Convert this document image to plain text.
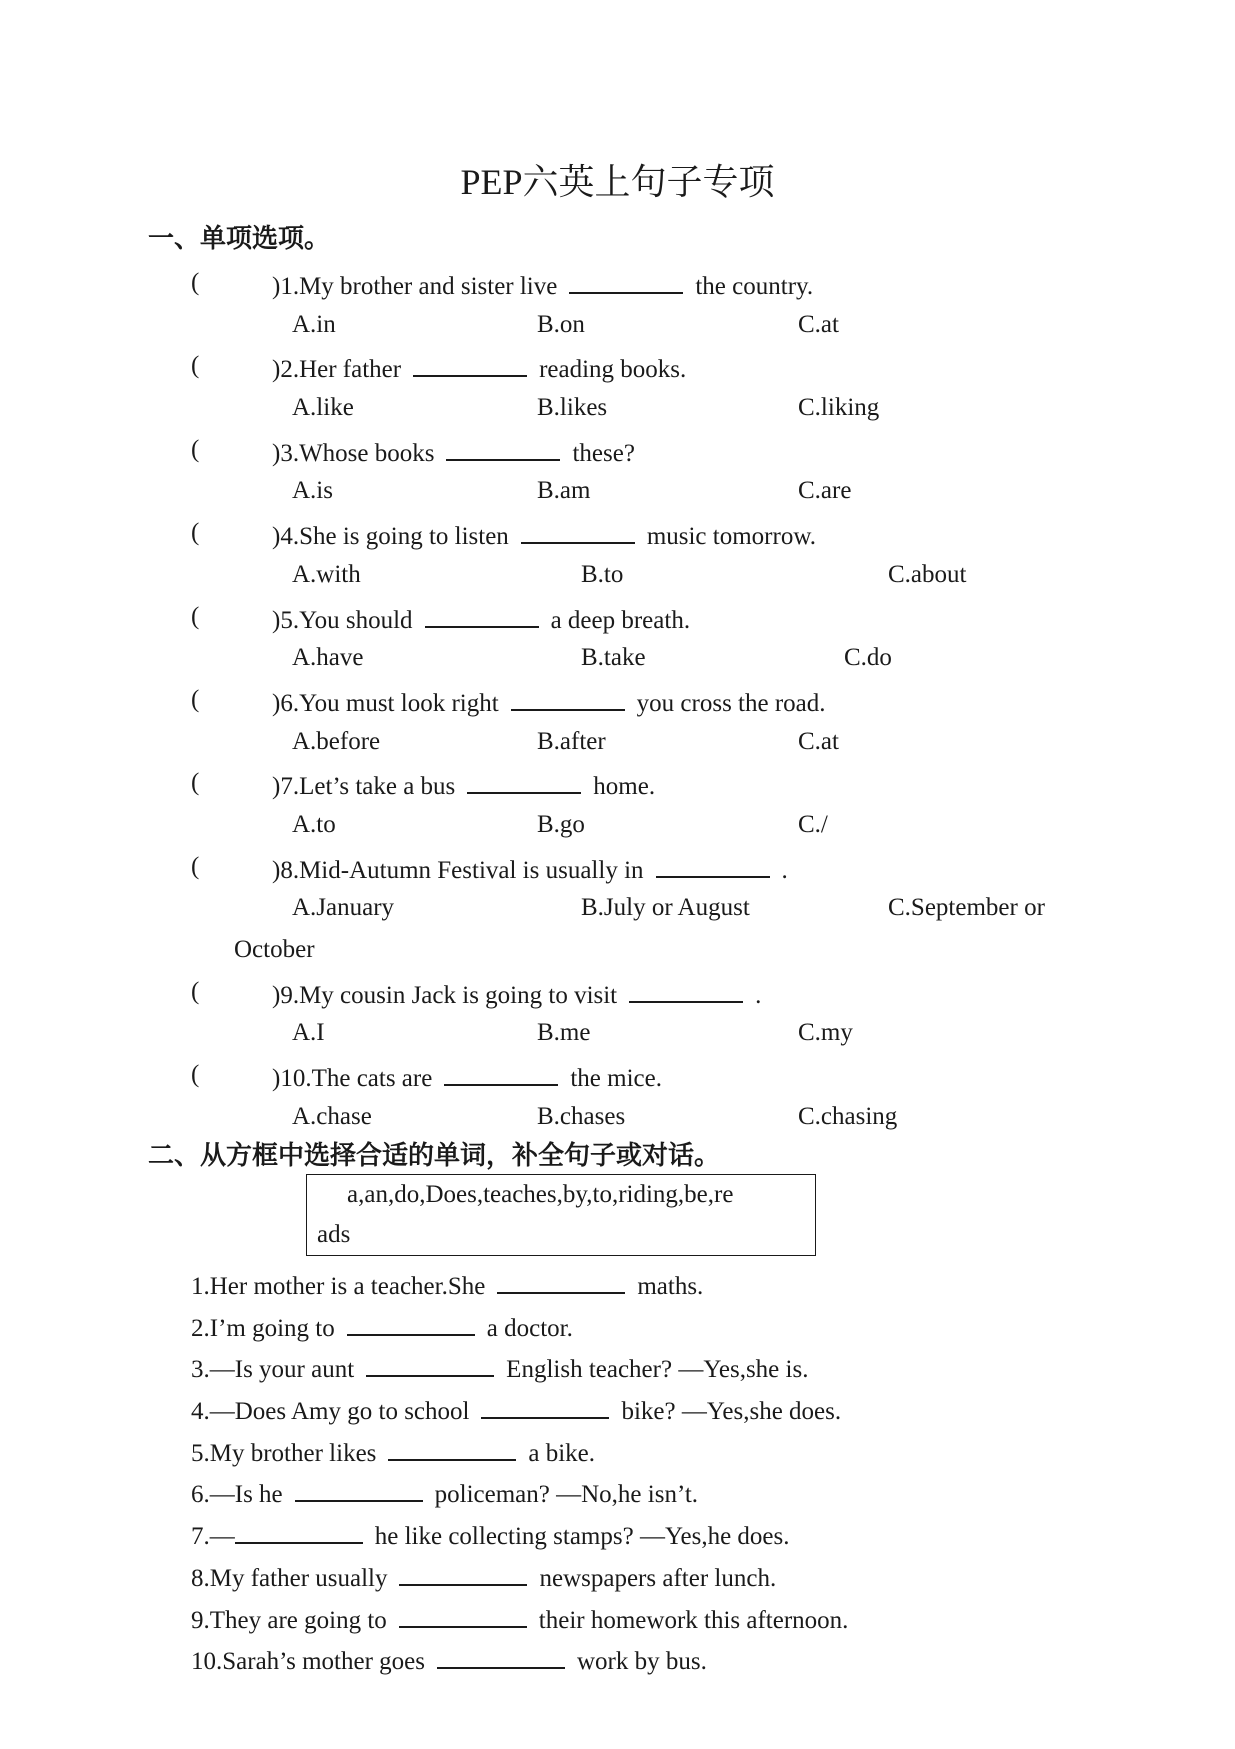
PEP六英上句子专项
一、单项选项。
(	)1.My brother and sister live	the country.
A.in	B.on	C.at
(	)2.Her father	reading books.
A.like	B.likes	C.liking
(	)3.Whose books	these?
A.is	B.am	C.are
(	)4.She is going to listen	music tomorrow.
A.with	B.to	C.about
(	)5.You should	a deep breath.
A.have	B.take	C.do
(	)6.You must look right	you cross the road.
A.before	B.after	C.at
(	)7.Let’s take a bus	home.
A.to	B.go	C./
(	)8.Mid-Autumn Festival is usually in	.
A.January	B.July or August	C.September or
October
(	)9.My cousin Jack is going to visit	.
A.I	B.me	C.my
(	)10.The cats are	the mice.
A.chase	B.chases	C.chasing
二、从方框中选择合适的单词，补全句子或对话。
a,an,do,Does,teaches,by,to,riding,be,re
ads
1.Her mother is a teacher.She	maths.
2.I’m going to	a doctor.
3.—Is your aunt	English teacher? —Yes,she is.
4.—Does Amy go to school	bike? —Yes,she does.
5.My brother likes	a bike.
6.—Is he	policeman? —No,he isn’t.
7.—	he like collecting stamps? —Yes,he does.
8.My father usually	newspapers after lunch.
9.They are going to	their homework this afternoon.
10.Sarah’s mother goes	work by bus.
